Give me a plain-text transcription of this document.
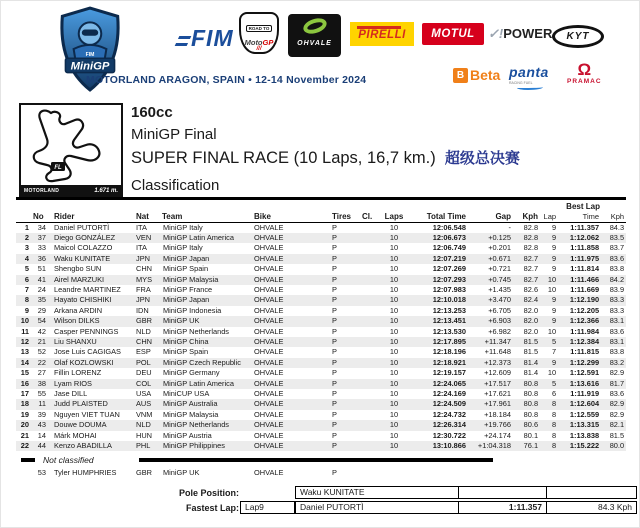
FIM
MiniGP
FIM	ROAD TO
MotoGP
///
OHVALE
PIRELLI	MOTUL	✓!POWER	KYT
MOTORLAND ARAGON, SPAIN • 12-14 November 2024	B Beta panta
RACING FUEL
Ω
PRAMAC
FL
MOTORLAND	1.671 m.
160cc
MiniGP Final
SUPER FINAL RACE (10 Laps, 16,7 km.) 超级总决赛
Classification
												Best Lap		
	No	Rider	Nat	Team	Bike	Tires	Cl.	Laps	Total Time	Gap	Kph	Lap	Time	Kph
1	34	Daniel PUTORTÌ	ITA	MiniGP Italy	OHVALE	P		10	12:06.548	-	82.8	9	1:11.357	84.3
2	37	Diego GONZÁLEZ	VEN	MiniGP Latin America	OHVALE	P		10	12:06.673	+0.125	82.8	9	1:12.062	83.5
3	33	Maicol COLAZZO	ITA	MiniGP Italy	OHVALE	P		10	12:06.749	+0.201	82.8	9	1:11.858	83.7
4	36	Waku KUNITATE	JPN	MiniGP Japan	OHVALE	P		10	12:07.219	+0.671	82.7	9	1:11.975	83.6
5	51	Shengbo SUN	CHN	MiniGP Spain	OHVALE	P		10	12:07.269	+0.721	82.7	9	1:11.814	83.8
6	41	Airel MARZUKI	MYS	MiniGP Malaysia	OHVALE	P		10	12:07.293	+0.745	82.7	10	1:11.466	84.2
7	24	Leandre MARTINEZ	FRA	MiniGP France	OHVALE	P		10	12:07.983	+1.435	82.6	10	1:11.669	83.9
8	35	Hayato CHISHIKI	JPN	MiniGP Japan	OHVALE	P		10	12:10.018	+3.470	82.4	9	1:12.190	83.3
9	29	Arkana ARDIN	IDN	MiniGP Indonesia	OHVALE	P		10	12:13.253	+6.705	82.0	9	1:12.205	83.3
10	54	Wilson DILKS	GBR	MiniGP UK	OHVALE	P		10	12:13.451	+6.903	82.0	9	1:12.366	83.1
11	42	Casper PENNINGS	NLD	MiniGP Netherlands	OHVALE	P		10	12:13.530	+6.982	82.0	10	1:11.984	83.6
12	21	Liu SHANXU	CHN	MiniGP China	OHVALE	P		10	12:17.895	+11.347	81.5	5	1:12.384	83.1
13	52	Jose Luis CAGIGAS	ESP	MiniGP Spain	OHVALE	P		10	12:18.196	+11.648	81.5	7	1:11.815	83.8
14	22	Olaf KOZLOWSKI	POL	MiniGP Czech Republic	OHVALE	P		10	12:18.921	+12.373	81.4	9	1:12.299	83.2
15	27	Fillin LORENZ	DEU	MiniGP Germany	OHVALE	P		10	12:19.157	+12.609	81.4	10	1:12.591	82.9
16	38	Lyam RIOS	COL	MiniGP Latin America	OHVALE	P		10	12:24.065	+17.517	80.8	5	1:13.616	81.7
17	55	Jase DILL	USA	MiniCUP USA	OHVALE	P		10	12:24.169	+17.621	80.8	6	1:11.919	83.6
18	11	Judd PLAISTED	AUS	MiniGP Australia	OHVALE	P		10	12:24.509	+17.961	80.8	8	1:12.604	82.9
19	39	Nguyen VIET TUAN	VNM	MiniGP Malaysia	OHVALE	P		10	12:24.732	+18.184	80.8	8	1:12.559	82.9
20	43	Douwe DOUMA	NLD	MiniGP Netherlands	OHVALE	P		10	12:26.314	+19.766	80.6	8	1:13.315	82.1
21	14	Márk MOHAI	HUN	MiniGP Austria	OHVALE	P		10	12:30.722	+24.174	80.1	8	1:13.838	81.5
22	44	Kenzo ABADILLA	PHL	MiniGP Philippines	OHVALE	P		10	13:10.866	+1:04.318	76.1	8	1:15.222	80.0

Not classified														

	53	Tyler HUMPHRIES	GBR	MiniGP UK	OHVALE	P								
Pole Position:	Waku KUNITATE
Fastest Lap: Lap9	Daniel PUTORTÌ	1:11.357	84.3 Kph
